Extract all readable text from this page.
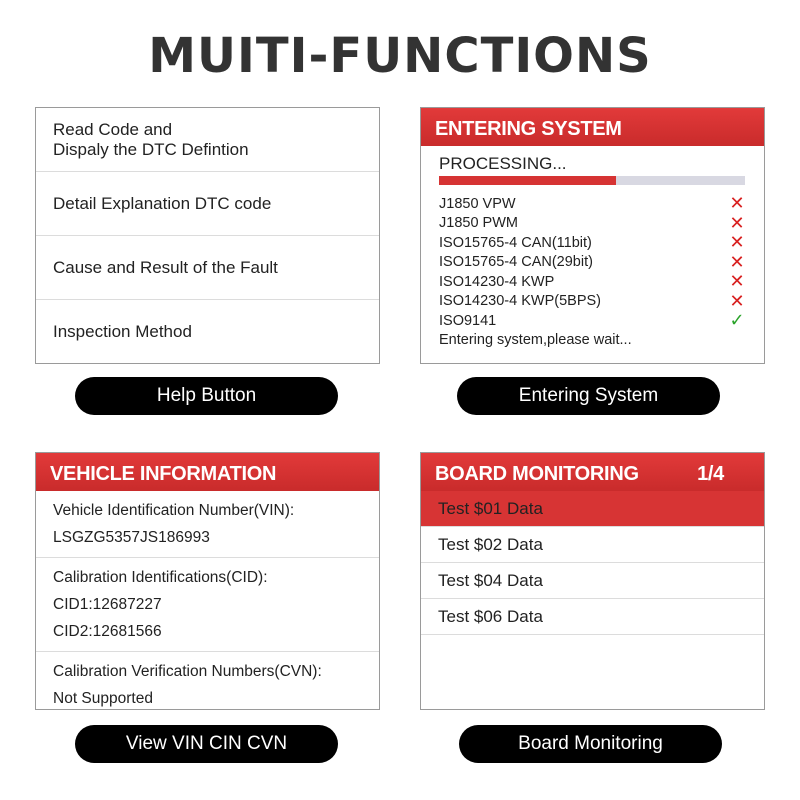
MUITI-FUNCTIONS
Read Code and
Dispaly the DTC Defintion
Detail Explanation DTC code
Cause and Result of the Fault
Inspection Method
Help Button
ENTERING SYSTEM
PROCESSING...
J1850 VPW	✕
J1850 PWM	✕
ISO15765-4 CAN(11bit)	✕
ISO15765-4 CAN(29bit)	✕
ISO14230-4 KWP	✕
ISO14230-4 KWP(5BPS)	✕
ISO9141	✓
Entering system,please wait...
Entering System
VEHICLE INFORMATION
Vehicle Identification Number(VIN):
LSGZG5357JS186993
Calibration Identifications(CID):
CID1:12687227
CID2:12681566
Calibration Verification Numbers(CVN):
Not Supported
View VIN CIN CVN
BOARD MONITORING	1/4
Test $01 Data
Test $02 Data
Test $04 Data
Test $06 Data
Board Monitoring
